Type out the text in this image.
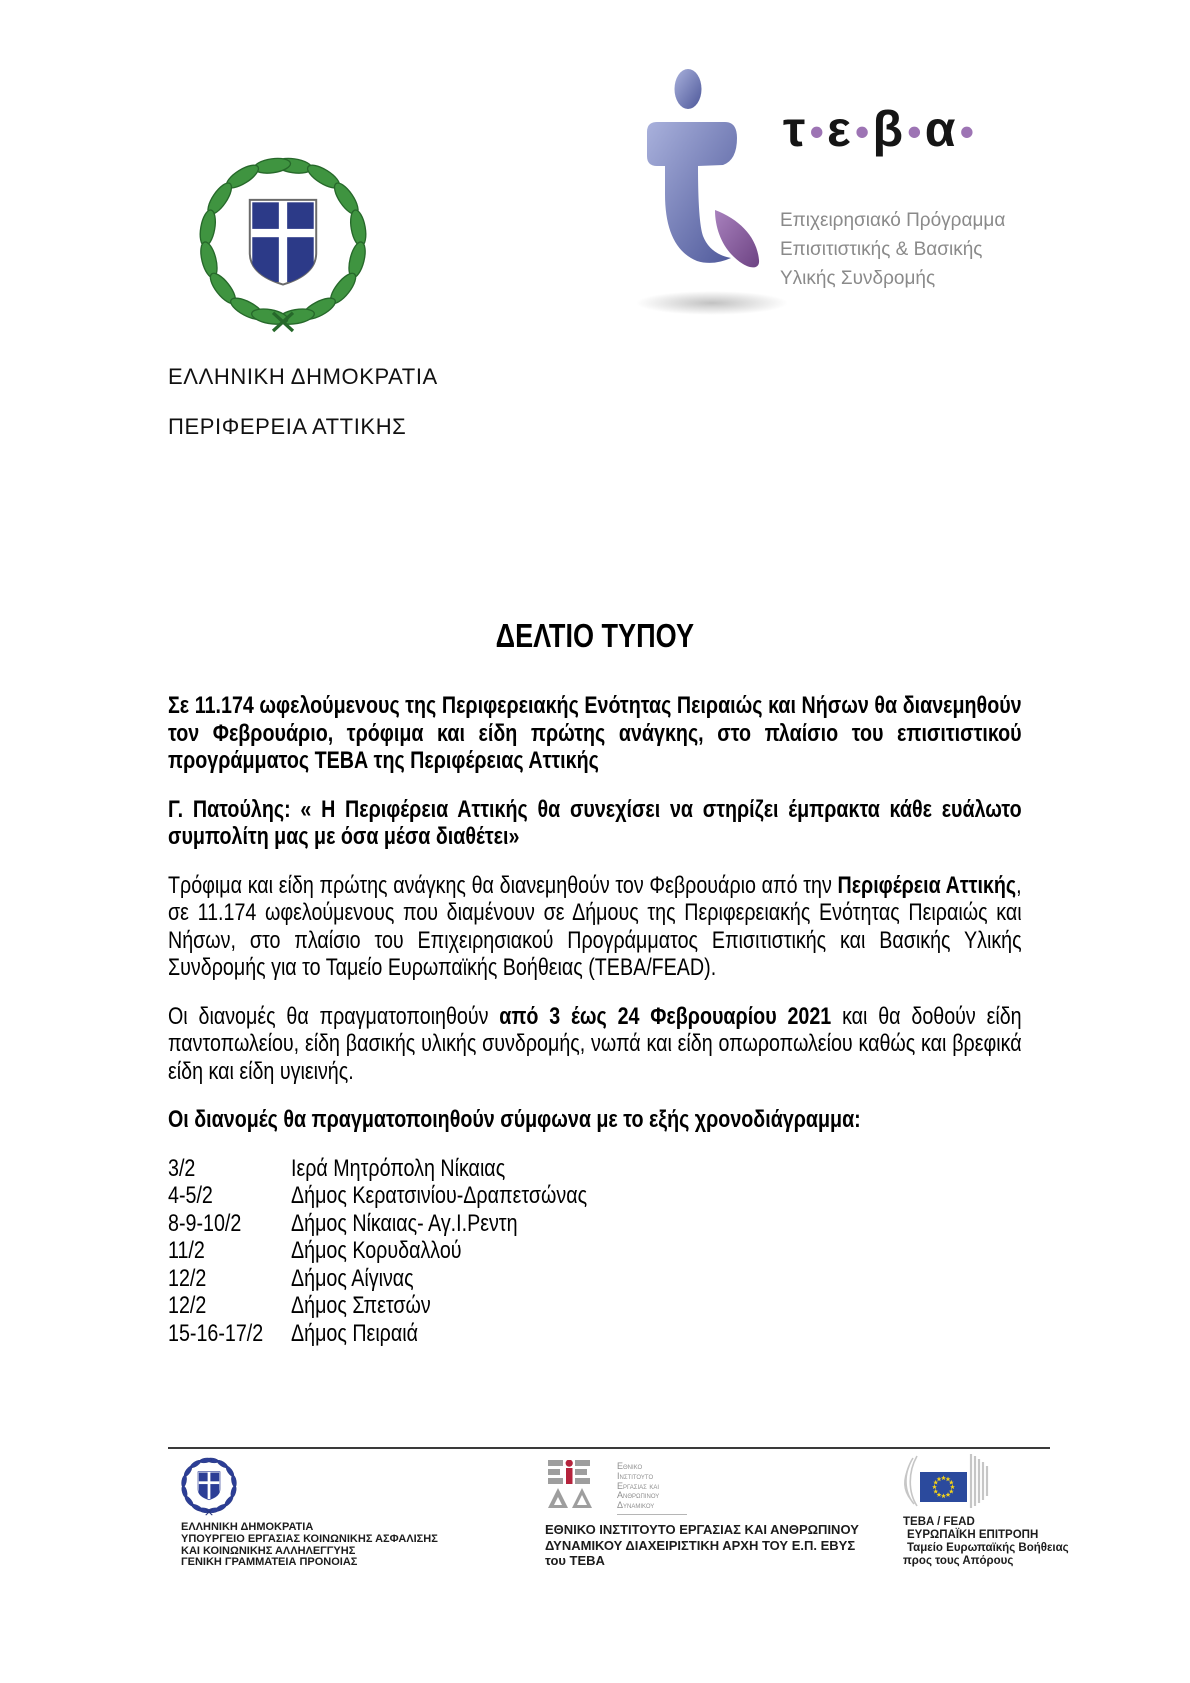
τ•ε•β•α•
Επιχειρησιακό Πρόγραμμα
Επισιτιστικής & Βασικής
Υλικής Συνδρομής
ΕΛΛΗΝΙΚΗ ΔΗΜΟΚΡΑΤΙΑ
ΠΕΡΙΦΕΡΕΙΑ ΑΤΤΙΚΗΣ
ΔΕΛΤΙΟ ΤΥΠΟΥ

Σε 11.174 ωφελούμενους της Περιφερειακής Ενότητας Πειραιώς και Νήσων θα διανεμηθούν τον Φεβρουάριο, τρόφιμα και είδη πρώτης ανάγκης, στο πλαίσιο του επισιτιστικού προγράμματος ΤΕΒΑ της Περιφέρειας Αττικής

Γ. Πατούλης: « Η Περιφέρεια Αττικής θα συνεχίσει να στηρίζει έμπρακτα κάθε ευάλωτο συμπολίτη μας με όσα μέσα διαθέτει»

Τρόφιμα και είδη πρώτης ανάγκης θα διανεμηθούν τον Φεβρουάριο από την Περιφέρεια Αττικής, σε 11.174 ωφελούμενους που διαμένουν σε Δήμους της Περιφερειακής Ενότητας Πειραιώς και Νήσων, στο πλαίσιο του Επιχειρησιακού Προγράμματος Επισιτιστικής και Βασικής Υλικής Συνδρομής για το Ταμείο Ευρωπαϊκής Βοήθειας (ΤΕΒΑ/FEAD).

Οι διανομές θα πραγματοποιηθούν από 3 έως 24 Φεβρουαρίου 2021 και θα δοθούν είδη παντοπωλείου, είδη βασικής υλικής συνδρομής, νωπά και είδη οπωροπωλείου καθώς και βρεφικά είδη και είδη υγιεινής.

Οι διανομές θα πραγματοποιηθούν σύμφωνα με το εξής χρονοδιάγραμμα:

3/2	Ιερά Μητρόπολη Νίκαιας
4-5/2	Δήμος Κερατσινίου-Δραπετσώνας
8-9-10/2	Δήμος Νίκαιας- Αγ.Ι.Ρεντη
11/2	Δήμος Κορυδαλλού
12/2	Δήμος Αίγινας
12/2	Δήμος Σπετσών
15-16-17/2	Δήμος Πειραιά
ΕΛΛΗΝΙΚΗ ΔΗΜΟΚΡΑΤΙΑ
ΥΠΟΥΡΓΕΙΟ ΕΡΓΑΣΙΑΣ ΚΟΙΝΩΝΙΚΗΣ ΑΣΦΑΛΙΣΗΣ
ΚΑΙ ΚΟΙΝΩΝΙΚΗΣ ΑΛΛΗΛΕΓΓΥΗΣ
ΓΕΝΙΚΗ ΓΡΑΜΜΑΤΕΙΑ ΠΡΟΝΟΙΑΣ
Εθνικο
Ινστιτουτο
Εργασιας και
Ανθρωπινου
Δυναμικου
ΕΘΝΙΚΟ ΙΝΣΤΙΤΟΥΤΟ ΕΡΓΑΣΙΑΣ ΚΑΙ ΑΝΘΡΩΠΙΝΟΥ
ΔΥΝΑΜΙΚΟΥ ΔΙΑΧΕΙΡΙΣΤΙΚΗ ΑΡΧΗ ΤΟΥ Ε.Π. ΕΒΥΣ
του ΤΕΒΑ
TEBA / FEAD
ΕΥΡΩΠΑΪΚΗ ΕΠΙΤΡΟΠΗ
Ταμείο Ευρωπαϊκής Βοήθειας
προς τους Απόρους
